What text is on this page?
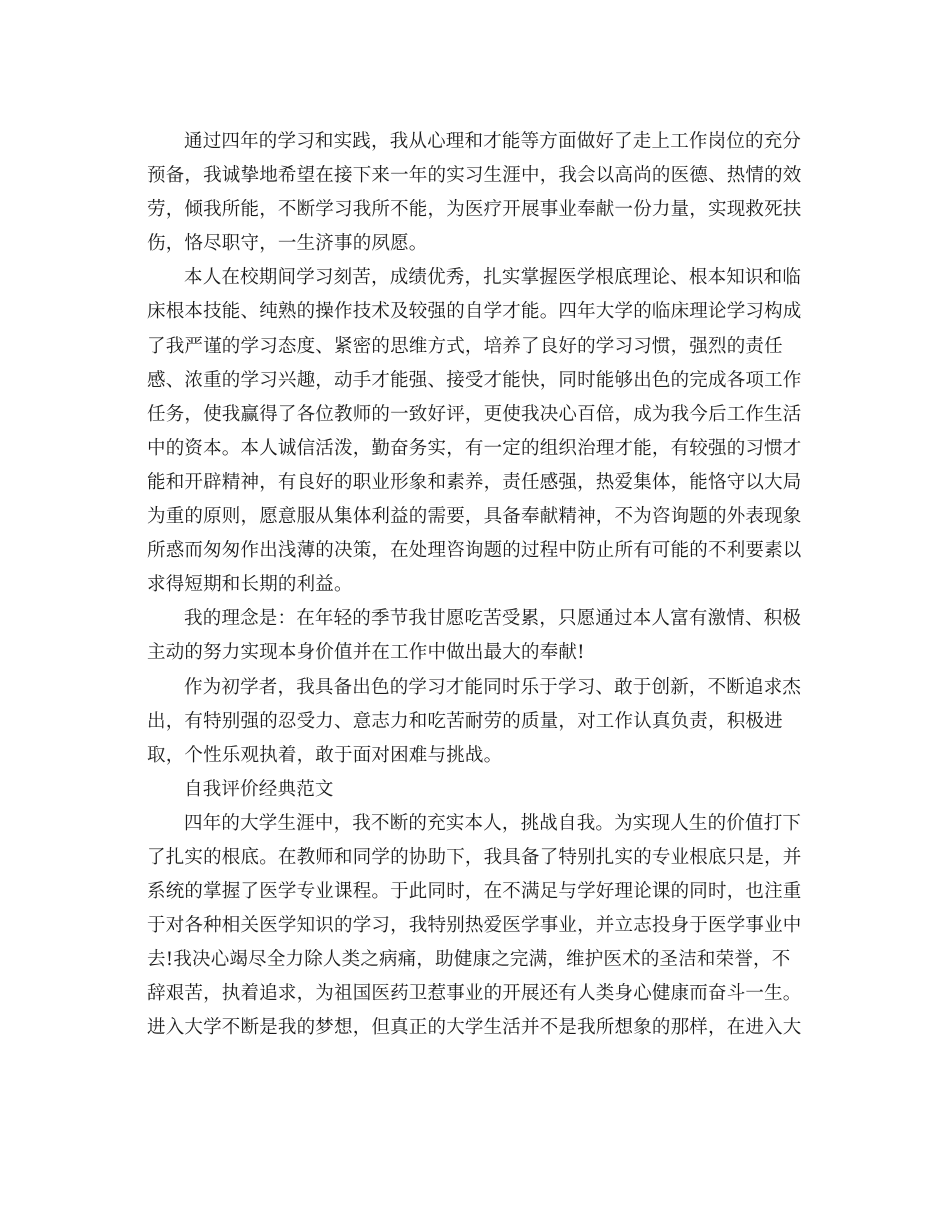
通过四年的学习和实践，我从心理和才能等方面做好了走上工作岗位的充分
预备，我诚挚地希望在接下来一年的实习生涯中，我会以高尚的医德、热情的效
劳，倾我所能，不断学习我所不能，为医疗开展事业奉献一份力量，实现救死扶
伤，恪尽职守，一生济事的夙愿。
本人在校期间学习刻苦，成绩优秀，扎实掌握医学根底理论、根本知识和临
床根本技能、纯熟的操作技术及较强的自学才能。四年大学的临床理论学习构成
了我严谨的学习态度、紧密的思维方式，培养了良好的学习习惯，强烈的责任
感、浓重的学习兴趣，动手才能强、接受才能快，同时能够出色的完成各项工作
任务，使我赢得了各位教师的一致好评，更使我决心百倍，成为我今后工作生活
中的资本。本人诚信活泼，勤奋务实，有一定的组织治理才能，有较强的习惯才
能和开辟精神，有良好的职业形象和素养，责任感强，热爱集体，能恪守以大局
为重的原则，愿意服从集体利益的需要，具备奉献精神，不为咨询题的外表现象
所惑而匆匆作出浅薄的决策，在处理咨询题的过程中防止所有可能的不利要素以
求得短期和长期的利益。
我的理念是：在年轻的季节我甘愿吃苦受累，只愿通过本人富有激情、积极
主动的努力实现本身价值并在工作中做出最大的奉献!
作为初学者，我具备出色的学习才能同时乐于学习、敢于创新，不断追求杰
出，有特别强的忍受力、意志力和吃苦耐劳的质量，对工作认真负责，积极进
取，个性乐观执着，敢于面对困难与挑战。
自我评价经典范文
四年的大学生涯中，我不断的充实本人，挑战自我。为实现人生的价值打下
了扎实的根底。在教师和同学的协助下，我具备了特别扎实的专业根底只是，并
系统的掌握了医学专业课程。于此同时，在不满足与学好理论课的同时，也注重
于对各种相关医学知识的学习，我特别热爱医学事业，并立志投身于医学事业中
去!我决心竭尽全力除人类之病痛，助健康之完满，维护医术的圣洁和荣誉，不
辞艰苦，执着追求，为祖国医药卫惹事业的开展还有人类身心健康而奋斗一生。
进入大学不断是我的梦想，但真正的大学生活并不是我所想象的那样，在进入大
